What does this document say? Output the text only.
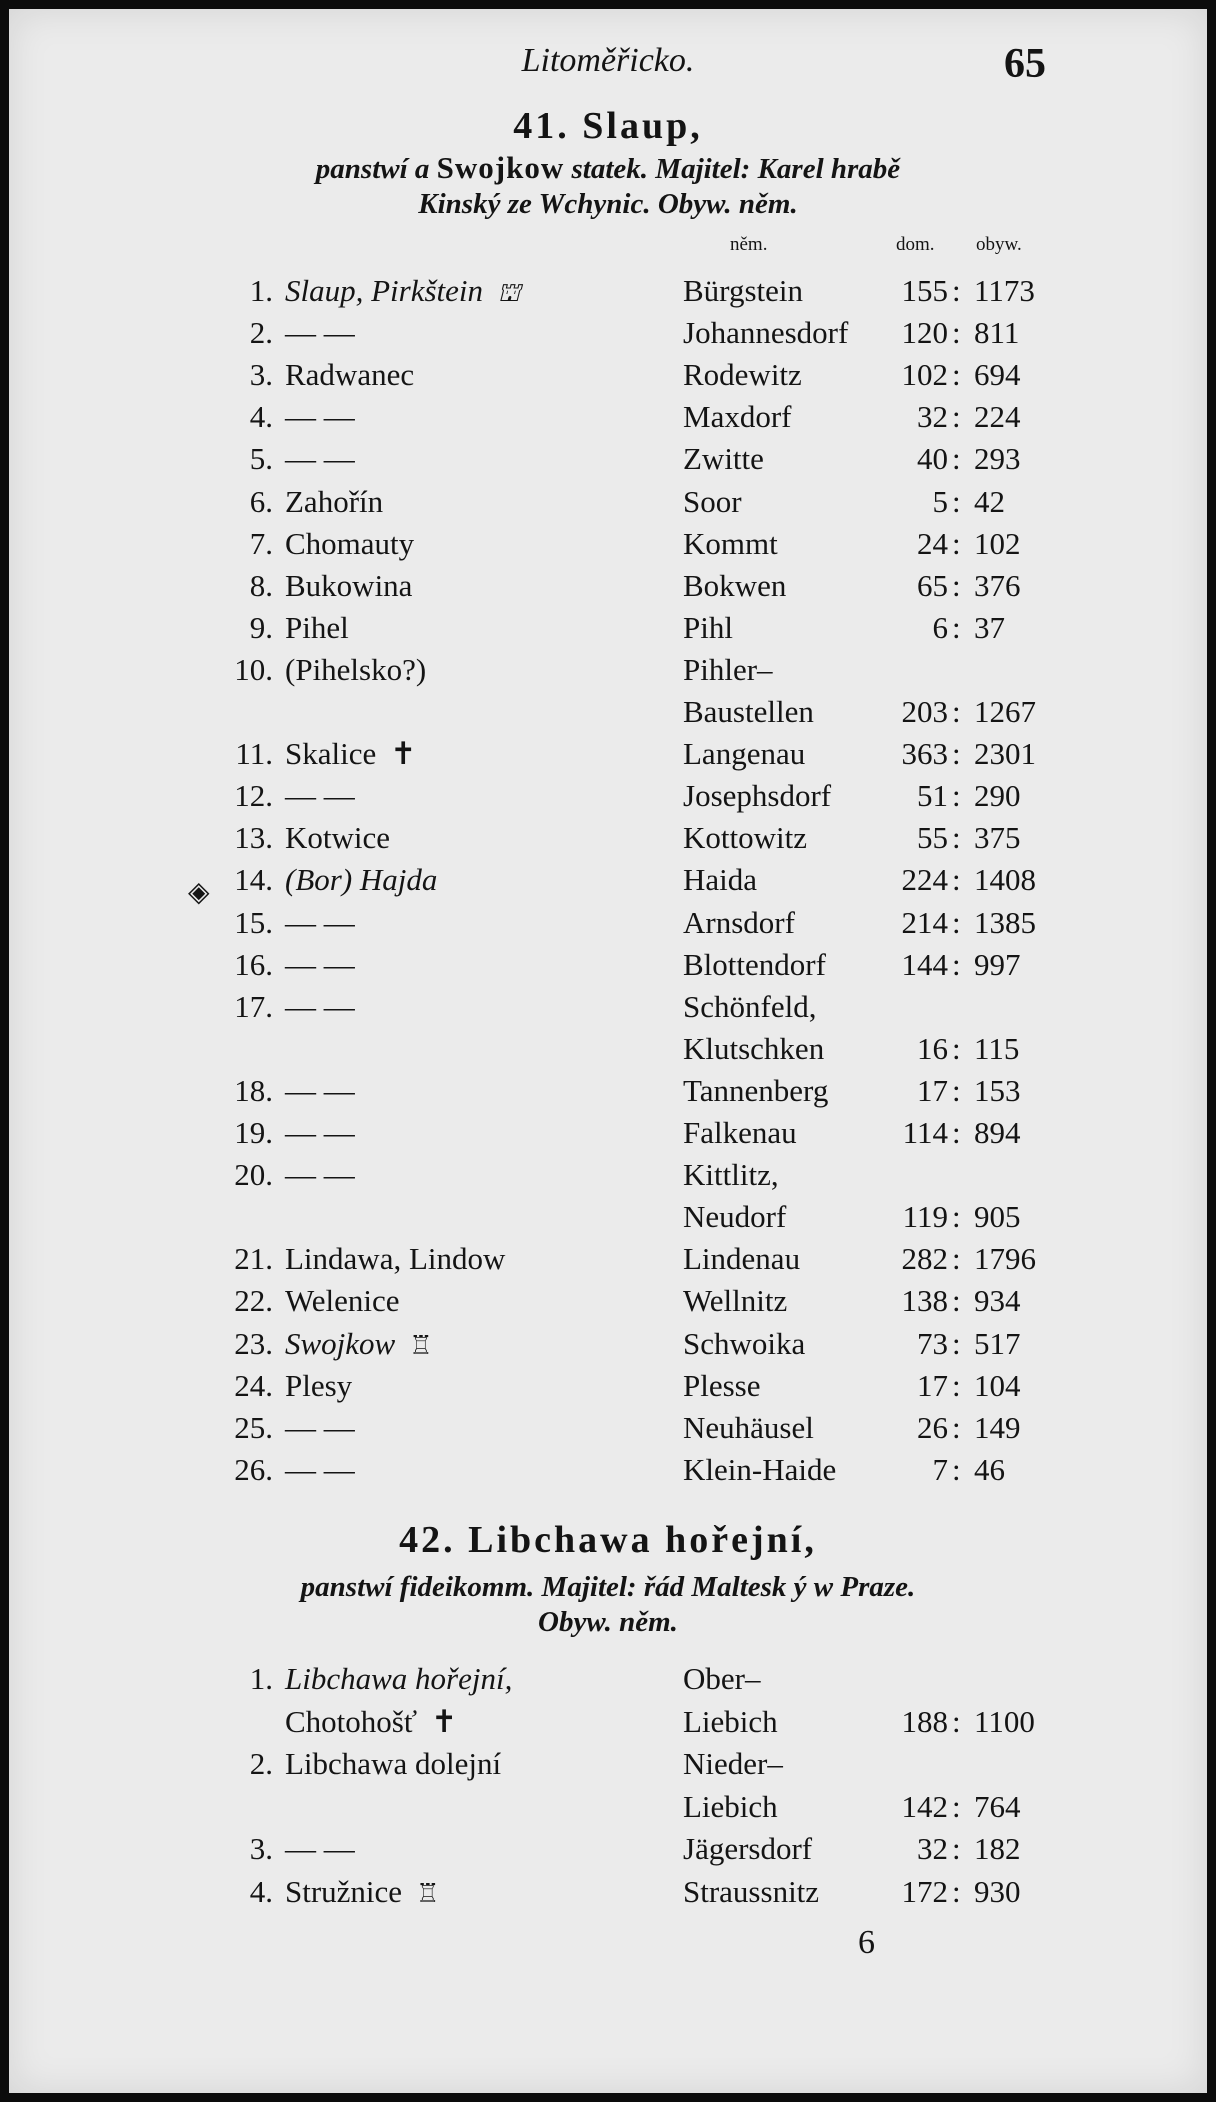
Litoměřicko.	65
41. Slaup,
panstwí a Swojkow statek. Majitel: Karel hrabě
Kinský ze Wchynic. Obyw. něm.
něm.	dom. obyw.
1. Slaup, Pirkštein ⛫	Bürgstein	155 : 1173
2. — —	Johannesdorf 120 : 811
3. Radwanec	Rodewitz	102 : 694
4. — —	Maxdorf	32 : 224
5. — —	Zwitte	40 : 293
6. Zahořín	Soor	5 : 42
7. Chomauty	Kommt	24 : 102
8. Bukowina	Bokwen	65 : 376
9. Pihel	Pihl	6 : 37
10. (Pihelsko?)	Pihler–
Baustellen	203 : 1267
11. Skalice ✝	Langenau	363 : 2301
12. — —	Josephsdorf	51 : 290
13. Kotwice	Kottowitz	55 : 375
14. (Bor) Hajda	Haida	224 : 1408
15. — —	Arnsdorf	214 : 1385
16. — —	Blottendorf 144 : 997
17. — —	Schönfeld,
Klutschken	16 : 115
18. — —	Tannenberg	17 : 153
19. — —	Falkenau	114 : 894
20. — —	Kittlitz,
Neudorf	119 : 905
21. Lindawa, Lindow	Lindenau	282 : 1796
22. Welenice	Wellnitz	138 : 934
23. Swojkow ♖	Schwoika	73 : 517
24. Plesy	Plesse	17 : 104
25. — —	Neuhäusel	26 : 149
26. — —	Klein-Haide	7 : 46
◈
42. Libchawa hořejní,
panstwí fideikomm. Majitel: řád Maltesk ý w Praze.
Obyw. něm.
1. Libchawa hořejní,	Ober–
Chotohošť ✝	Liebich	188 : 1100
2. Libchawa dolejní	Nieder–
Liebich	142 : 764
3. — —	Jägersdorf	32 : 182
4. Stružnice ♖	Straussnitz	172 : 930
6
